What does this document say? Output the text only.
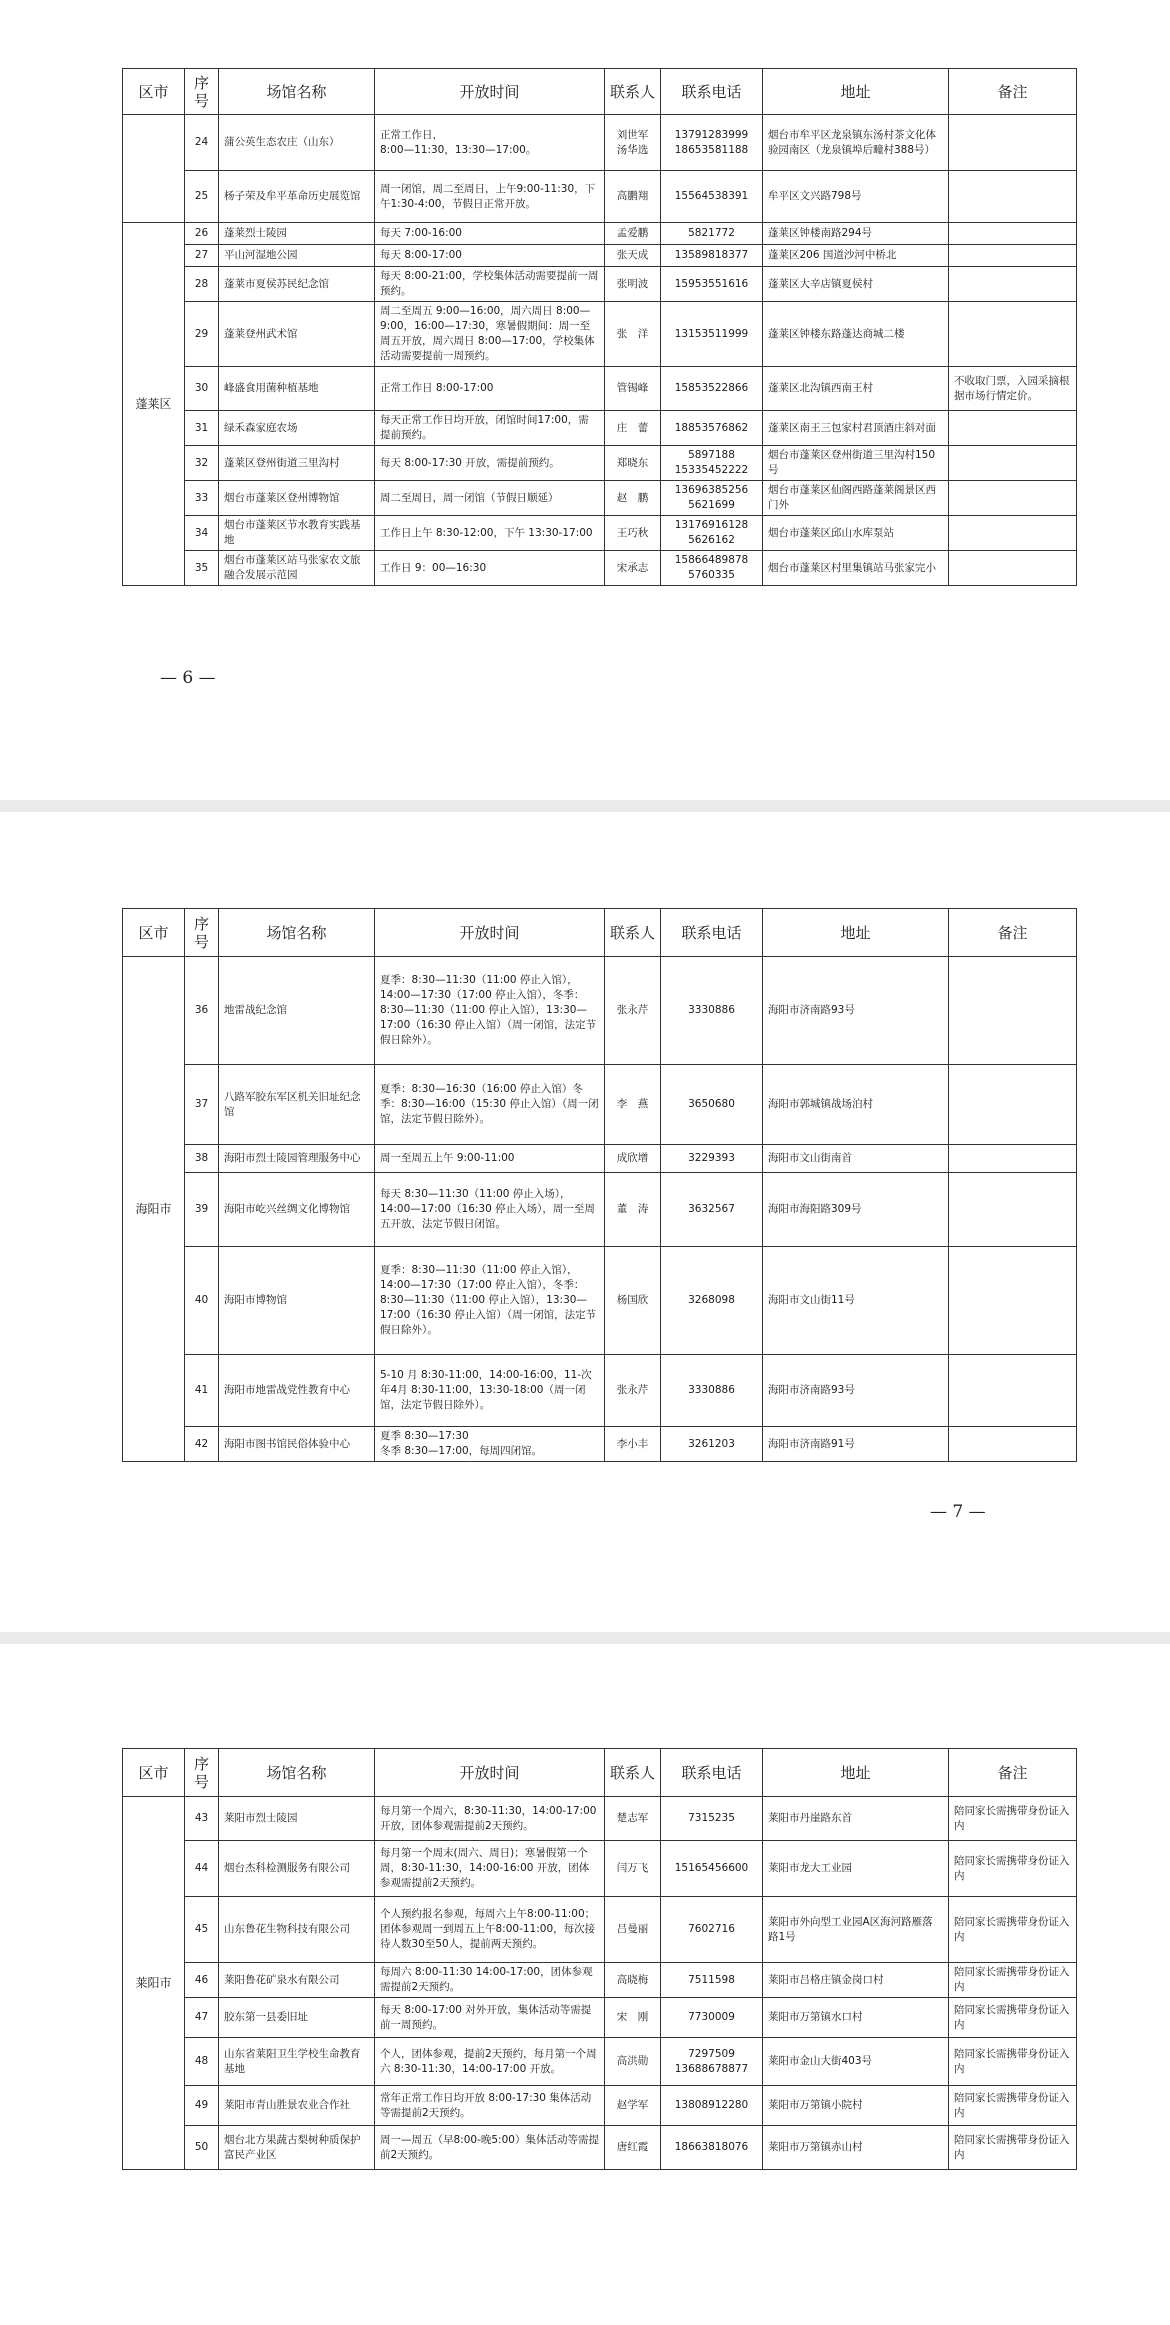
区市	序号	场馆名称	开放时间	联系人	联系电话	地址	备注
	24	蒲公英生态农庄（山东）	正常工作日，
8:00—11:30，13:30—17:00。	刘世军
汤华选	13791283999
18653581188	烟台市牟平区龙泉镇东汤村茶文化体验园南区（龙泉镇埠后疃村388号）	
	25	杨子荣及牟平革命历史展览馆	周一闭馆，周二至周日，上午9:00-11:30，下午1:30-4:00，节假日正常开放。	高鹏翔	15564538391	牟平区文兴路798号	
蓬莱区	26	蓬莱烈士陵园	每天 7:00-16:00	孟爱鹏	5821772	蓬莱区钟楼南路294号	
	27	平山河湿地公园	每天 8:00-17:00	张天成	13589818377	蓬莱区206 国道沙河中桥北	
	28	蓬莱市夏侯苏民纪念馆	每天 8:00-21:00，学校集体活动需要提前一周预约。	张明波	15953551616	蓬莱区大辛店镇夏侯村	
	29	蓬莱登州武术馆	周二至周五 9:00—16:00，周六周日 8:00—9:00，16:00—17:30，寒暑假期间：周一至周五开放，周六周日 8:00—17:00，学校集体活动需要提前一周预约。	张　洋	13153511999	蓬莱区钟楼东路蓬达商城二楼	
	30	峰盛食用菌种植基地	正常工作日 8:00-17:00	管锡峰	15853522866	蓬莱区北沟镇西南王村	不收取门票，入园采摘根据市场行情定价。
	31	绿禾森家庭农场	每天正常工作日均开放，闭馆时间17:00，需提前预约。	庄　蕾	18853576862	蓬莱区南王三包家村君顶酒庄斜对面	
	32	蓬莱区登州街道三里沟村	每天 8:00-17:30 开放，需提前预约。	郑晓东	5897188
15335452222	烟台市蓬莱区登州街道三里沟村150号	
	33	烟台市蓬莱区登州博物馆	周二至周日，周一闭馆（节假日顺延）	赵　鹏	13696385256
5621699	烟台市蓬莱区仙阁西路蓬莱阁景区西门外	
	34	烟台市蓬莱区节水教育实践基地	工作日上午 8:30-12:00，下午 13:30-17:00	王巧秋	13176916128
5626162	烟台市蓬莱区邱山水库泵站	
	35	烟台市蓬莱区站马张家农文旅融合发展示范园	工作日 9：00—16:30	宋承志	15866489878
5760335	烟台市蓬莱区村里集镇站马张家完小	
— 6 —
区市	序号	场馆名称	开放时间	联系人	联系电话	地址	备注
海阳市	36	地雷战纪念馆	夏季：8:30—11:30（11:00 停止入馆），14:00—17:30（17:00 停止入馆），冬季：8:30—11:30（11:00 停止入馆），13:30—17:00（16:30 停止入馆）（周一闭馆，法定节假日除外）。	张永芹	3330886	海阳市济南路93号	
	37	八路军胶东军区机关旧址纪念馆	夏季：8:30—16:30（16:00 停止入馆）冬季：8:30—16:00（15:30 停止入馆）（周一闭馆，法定节假日除外）。	李　燕	3650680	海阳市郭城镇战场泊村	
	38	海阳市烈士陵园管理服务中心	周一至周五上午 9:00-11:00	成欣增	3229393	海阳市文山街南首	
	39	海阳市屹兴丝绸文化博物馆	每天 8:30—11:30（11:00 停止入场），14:00—17:00（16:30 停止入场），周一至周五开放，法定节假日闭馆。	董　涛	3632567	海阳市海阳路309号	
	40	海阳市博物馆	夏季：8:30—11:30（11:00 停止入馆），14:00—17:30（17:00 停止入馆），冬季：8:30—11:30（11:00 停止入馆），13:30—17:00（16:30 停止入馆）（周一闭馆，法定节假日除外）。	杨国欣	3268098	海阳市文山街11号	
	41	海阳市地雷战党性教育中心	5-10 月 8:30-11:00，14:00-16:00，11-次年4月 8:30-11:00，13:30-18:00（周一闭馆，法定节假日除外）。	张永芹	3330886	海阳市济南路93号	
	42	海阳市图书馆民俗体验中心	夏季 8:30—17:30
冬季 8:30—17:00，每周四闭馆。	李小丰	3261203	海阳市济南路91号	
— 7 —
区市	序号	场馆名称	开放时间	联系人	联系电话	地址	备注
莱阳市	43	莱阳市烈士陵园	每月第一个周六，8:30-11:30，14:00-17:00 开放，团体参观需提前2天预约。	楚志军	7315235	莱阳市丹崖路东首	陪同家长需携带身份证入内
	44	烟台杰科检测服务有限公司	每月第一个周末(周六、周日)；寒暑假第一个周，8:30-11:30，14:00-16:00 开放，团体参观需提前2天预约。	闫万飞	15165456600	莱阳市龙大工业园	陪同家长需携带身份证入内
	45	山东鲁花生物科技有限公司	个人预约报名参观，每周六上午8:00-11:00；团体参观周一到周五上午8:00-11:00，每次接待人数30至50人，提前两天预约。	吕曼丽	7602716	莱阳市外向型工业园A区海河路雁落路1号	陪同家长需携带身份证入内
	46	莱阳鲁花矿泉水有限公司	每周六 8:00-11:30 14:00-17:00，团体参观需提前2天预约。	高晓梅	7511598	莱阳市吕格庄镇金岗口村	陪同家长需携带身份证入内
	47	胶东第一县委旧址	每天 8:00-17:00 对外开放，集体活动等需提前一周预约。	宋　刚	7730009	莱阳市万第镇水口村	陪同家长需携带身份证入内
	48	山东省莱阳卫生学校生命教育基地	个人，团体参观，提前2天预约，每月第一个周六 8:30-11:30，14:00-17:00 开放。	高洪勋	7297509
13688678877	莱阳市金山大街403号	陪同家长需携带身份证入内
	49	莱阳市青山胜景农业合作社	常年正常工作日均开放 8:00-17:30 集体活动等需提前2天预约。	赵学军	13808912280	莱阳市万第镇小院村	陪同家长需携带身份证入内
	50	烟台北方果蔬古梨树种质保护富民产业区	周一—周五（早8:00-晚5:00）集体活动等需提前2天预约。	唐红霞	18663818076	莱阳市万第镇赤山村	陪同家长需携带身份证入内
